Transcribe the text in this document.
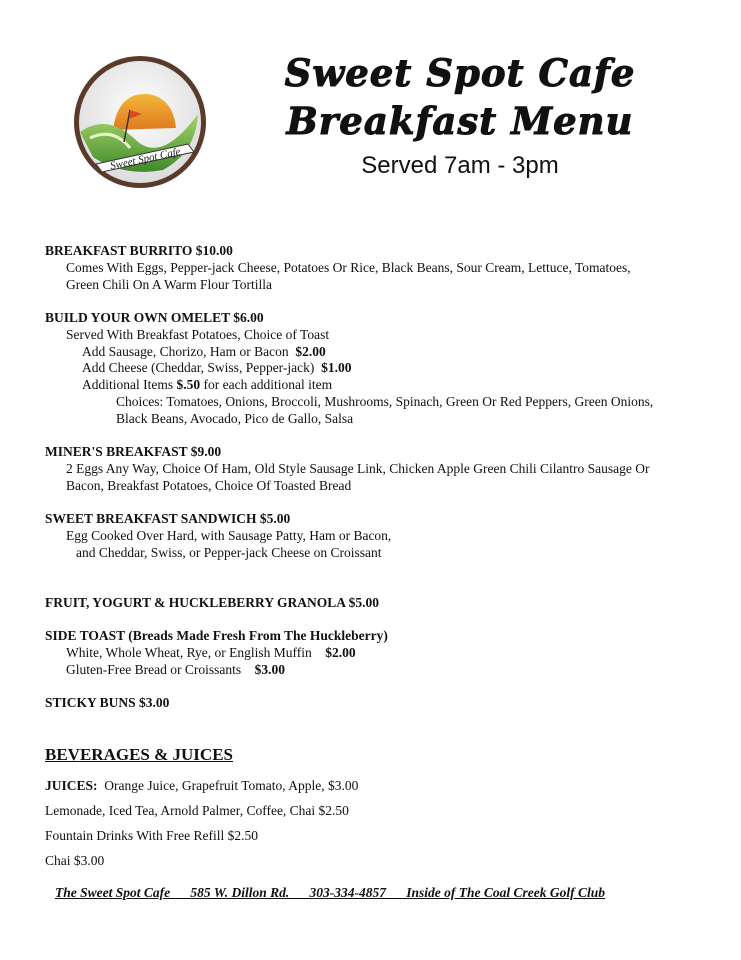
Sweet Spot Cafe
Sweet Spot Cafe
Breakfast Menu
Served 7am - 3pm
BREAKFAST BURRITO $10.00
Comes With Eggs, Pepper-jack Cheese, Potatoes Or Rice, Black Beans, Sour Cream, Lettuce, Tomatoes,
Green Chili On A Warm Flour Tortilla
BUILD YOUR OWN OMELET $6.00
Served With Breakfast Potatoes, Choice of Toast
Add Sausage, Chorizo, Ham or Bacon $2.00
Add Cheese (Cheddar, Swiss, Pepper-jack) $1.00
Additional Items $.50 for each additional item
Choices: Tomatoes, Onions, Broccoli, Mushrooms, Spinach, Green Or Red Peppers, Green Onions,
Black Beans, Avocado, Pico de Gallo, Salsa
MINER'S BREAKFAST $9.00
2 Eggs Any Way, Choice Of Ham, Old Style Sausage Link, Chicken Apple Green Chili Cilantro Sausage Or
Bacon, Breakfast Potatoes, Choice Of Toasted Bread
SWEET BREAKFAST SANDWICH $5.00
Egg Cooked Over Hard, with Sausage Patty, Ham or Bacon,
and Cheddar, Swiss, or Pepper-jack Cheese on Croissant
FRUIT, YOGURT & HUCKLEBERRY GRANOLA $5.00
SIDE TOAST (Breads Made Fresh From The Huckleberry)
White, Whole Wheat, Rye, or English Muffin $2.00
Gluten-Free Bread or Croissants $3.00
STICKY BUNS $3.00
BEVERAGES & JUICES
JUICES: Orange Juice, Grapefruit Tomato, Apple, $3.00
Lemonade, Iced Tea, Arnold Palmer, Coffee, Chai $2.50
Fountain Drinks With Free Refill $2.50
Chai $3.00
The Sweet Spot Cafe      585 W. Dillon Rd.      303-334-4857      Inside of The Coal Creek Golf Club
